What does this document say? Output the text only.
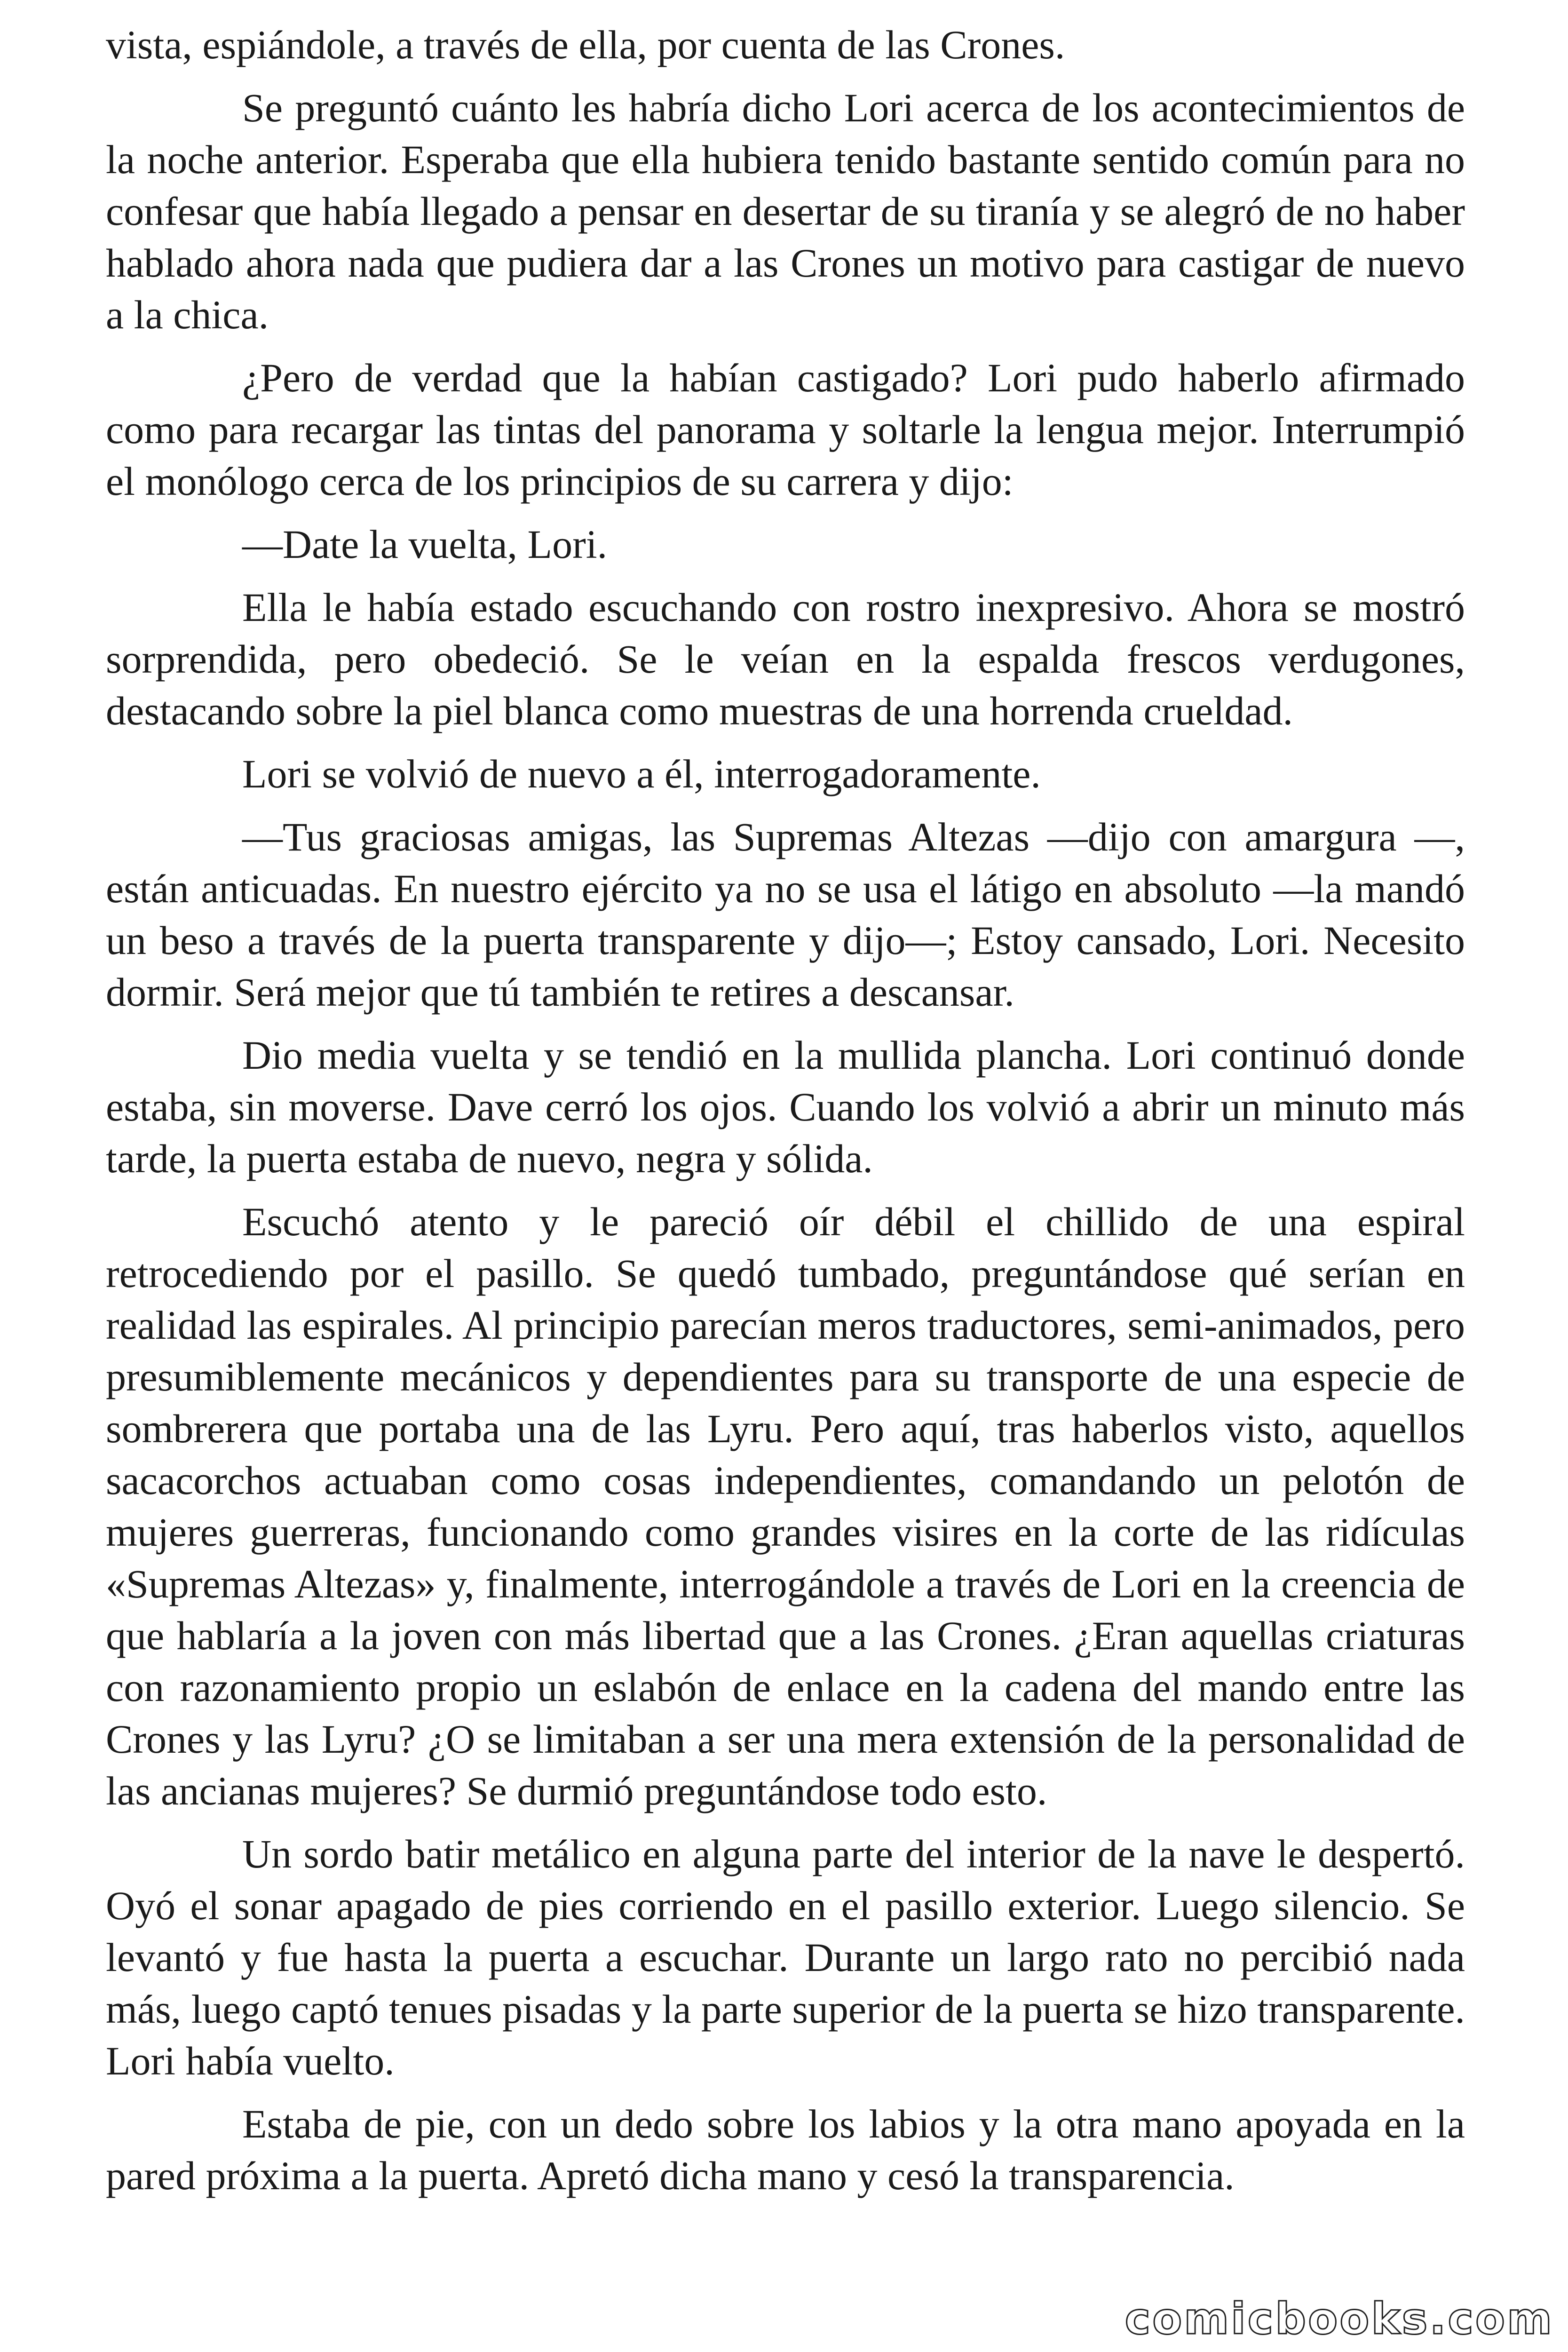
vista, espiándole, a través de ella, por cuenta de las Crones.

Se preguntó cuánto les habría dicho Lori acerca de los acontecimientos de la noche anterior. Esperaba que ella hubiera tenido bastante sentido común para no confesar que había llegado a pensar en desertar de su tiranía y se alegró de no haber hablado ahora nada que pudiera dar a las Crones un motivo para castigar de nuevo a la chica.

¿Pero de verdad que la habían castigado? Lori pudo haberlo afirmado como para recargar las tintas del panorama y soltarle la lengua mejor. Interrumpió el monólogo cerca de los principios de su carrera y dijo:

—Date la vuelta, Lori.

Ella le había estado escuchando con rostro inexpresivo. Ahora se mostró sorprendida, pero obedeció. Se le veían en la espalda frescos verdugones, destacando sobre la piel blanca como muestras de una horrenda crueldad.

Lori se volvió de nuevo a él, interrogadoramente.

—Tus graciosas amigas, las Supremas Altezas —dijo con amargura —, están anticuadas. En nuestro ejército ya no se usa el látigo en absoluto —la mandó un beso a través de la puerta transparente y dijo—; Estoy cansado, Lori. Necesito dormir. Será mejor que tú también te retires a descansar.

Dio media vuelta y se tendió en la mullida plancha. Lori continuó donde estaba, sin moverse. Dave cerró los ojos. Cuando los volvió a abrir un minuto más tarde, la puerta estaba de nuevo, negra y sólida.

Escuchó atento y le pareció oír débil el chillido de una espiral retrocediendo por el pasillo. Se quedó tumbado, preguntándose qué serían en realidad las espirales. Al principio parecían meros traductores, semi-animados, pero presumiblemente mecánicos y dependientes para su transporte de una especie de sombrerera que portaba una de las Lyru. Pero aquí, tras haberlos visto, aquellos sacacorchos actuaban como cosas independientes, comandando un pelotón de mujeres guerreras, funcionando como grandes visires en la corte de las ridículas «Supremas Altezas» y, finalmente, interrogándole a través de Lori en la creencia de que hablaría a la joven con más libertad que a las Crones. ¿Eran aquellas criaturas con razonamiento propio un eslabón de enlace en la cadena del mando entre las Crones y las Lyru? ¿O se limitaban a ser una mera extensión de la personalidad de las ancianas mujeres? Se durmió preguntándose todo esto.

Un sordo batir metálico en alguna parte del interior de la nave le despertó. Oyó el sonar apagado de pies corriendo en el pasillo exterior. Luego silencio. Se levantó y fue hasta la puerta a escuchar. Durante un largo rato no percibió nada más, luego captó tenues pisadas y la parte superior de la puerta se hizo transparente. Lori había vuelto.

Estaba de pie, con un dedo sobre los labios y la otra mano apoyada en la pared próxima a la puerta. Apretó dicha mano y cesó la transparencia.

comicbooks.com
